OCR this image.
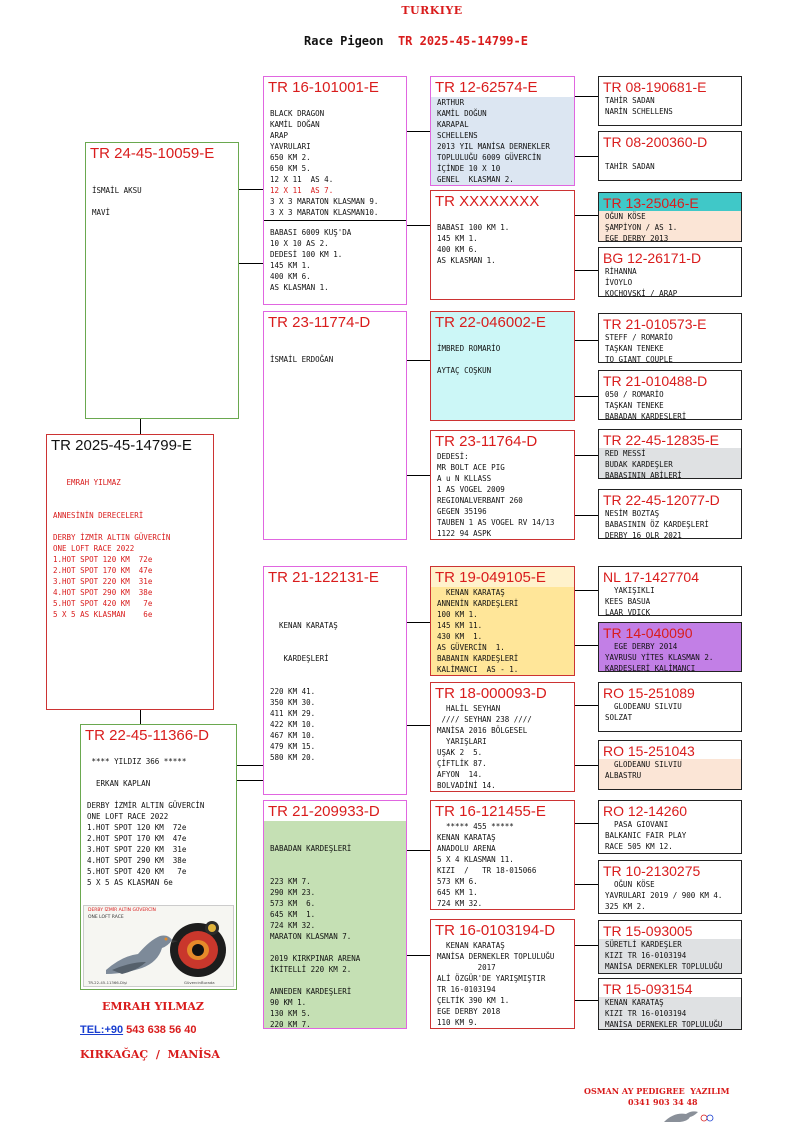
TURKIYE
Race Pigeon TR 2025-45-14799-E
TR 2025-45-14799-E

EMRAH YILMAZ

ANNESİNİN DERECELERİ

DERBY İZMİR ALTIN GÜVERCİN
ONE LOFT RACE 2022
1.HOT SPOT 120 KM  72e
2.HOT SPOT 170 KM  47e
3.HOT SPOT 220 KM  31e
4.HOT SPOT 290 KM  38e
5.HOT SPOT 420 KM   7e
5 X 5 AS KLASMAN    6e
TR 24-45-10059-E

İSMAİL AKSU

MAVİ
TR 22-45-11366-D

**** YILDIZ 366 *****

ERKAN KAPLAN

DERBY İZMİR ALTIN GÜVERCİN
ONE LOFT RACE 2022
1.HOT SPOT 120 KM  72e
2.HOT SPOT 170 KM  47e
3.HOT SPOT 220 KM  31e
4.HOT SPOT 290 KM  38e
5.HOT SPOT 420 KM   7e
5 X 5 AS KLASMAN 6e
DERBY İZMİR ALTIN GÜVERCİN
ONE LOFT RACE
TR-22-45-11366-Dişi	GüvercinBurada
TR 16-101001-E

BLACK DRAGON
KAMİL DOĞAN
ARAP
YAVRULARI
650 KM 2.
650 KM 5.
12 X 11  AS 4.
12 X 11  AS 7.
3 X 3 MARATON KLASMAN 9.
3 X 3 MARATON KLASMAN10.
BABASI 6009 KUŞ'DA
10 X 10 AS 2.
DEDESİ 100 KM 1.
145 KM 1.
400 KM 6.
AS KLASMAN 1.
TR 23-11774-D

İSMAİL ERDOĞAN
TR 21-122131-E

KENAN KARATAŞ

KARDEŞLERİ

220 KM 41.
350 KM 30.
411 KM 29.
422 KM 10.
467 KM 10.
479 KM 15.
580 KM 20.
TR 21-209933-D

BABADAN KARDEŞLERİ

223 KM 7.
290 KM 23.
573 KM  6.
645 KM  1.
724 KM 32.
MARATON KLASMAN 7.

2019 KIRKPINAR ARENA
İKİTELLİ 220 KM 2.

ANNEDEN KARDEŞLERİ
90 KM 1.
130 KM 5.
220 KM 7.
TR 12-62574-E
ARTHUR
KAMİL DOĞUN
KARAPAL
SCHELLENS
2013 YIL MANİSA DERNEKLER
TOPLULUĞU 6009 GÜVERCİN
İÇİNDE 10 X 10
GENEL  KLASMAN 2.
TR XXXXXXXX

BABASI 100 KM 1.
145 KM 1.
400 KM 6.
AS KLASMAN 1.
TR 22-046002-E

İMBRED ROMARİO

AYTAÇ COŞKUN
TR 23-11764-D
DEDESİ:
MR BOLT ACE PIG
A u N KLLASS
1 AS VOGEL 2009
REGIONALVERBANT 260
GEGEN 35196
TAUBEN 1 AS VOGEL RV 14/13
1122 94 ASPK
TR 19-049105-E
KENAN KARATAŞ
ANNENİN KARDEŞLERİ
100 KM 1.
145 KM 11.
430 KM  1.
AS GÜVERCİN  1.
BABANIN KARDEŞLERİ
KALİMANCI  AS - 1.
TR 18-000093-D
HALİL SEYHAN
//// SEYHAN 238 ////
MANİSA 2016 BÖLGESEL
YARIŞLARI
UŞAK 2  5.
ÇİFTLİK 87.
AFYON  14.
BOLVADİNİ 14.
TR 16-121455-E
***** 455 *****
KENAN KARATAŞ
ANADOLU ARENA
5 X 4 KLASMAN 11.
KIZI  /   TR 18-015066
573 KM 6.
645 KM 1.
724 KM 32.
TR 16-0103194-D
KENAN KARATAŞ
MANİSA DERNEKLER TOPLULUĞU
2017
ALİ ÖZGÜR'DE YARIŞMIŞTIR
TR 16-0103194
ÇELTİK 390 KM 1.
EGE DERBY 2018
110 KM 9.
TR 08-190681-E
TAHİR SADAN
NARİN SCHELLENS
TR 08-200360-D

TAHİR SADAN
TR 13-25046-E
OĞUN KÖSE
ŞAMPİYON / AS 1.
EGE DERBY 2013
BG 12-26171-D
RİHANNA
İVOYLO
KOCHOVSKİ / ARAP
TR 21-010573-E
STEFF / ROMARİO
TAŞKAN TENEKE
TO GIANT COUPLE
TR 21-010488-D
050 / ROMARİO
TAŞKAN TENEKE
BABADAN KARDEŞLERİ
TR 22-45-12835-E
RED MESSİ
BUDAK KARDEŞLER
BABASININ ABİLERİ
TR 22-45-12077-D
NESİM BOZTAŞ
BABASININ ÖZ KARDEŞLERİ
DERBY 16 OLR 2021
NL 17-1427704
YAKIŞIKLI
KEES BASUA
LAAR VDICK
TR 14-040090
EGE DERBY 2014
YAVRUSU YİTES KLASMAN 2.
KARDEŞLERİ KALİMANCI
RO 15-251089
GLODEANU SILVIU
SOLZAT
RO 15-251043
GLODEANU SILVIU
ALBASTRU
RO 12-14260
PASA GIOVANI
BALKANIC FAIR PLAY
RACE 505 KM 12.
TR 10-2130275
OĞUN KÖSE
YAVRULARI 2019 / 900 KM 4.
325 KM 2.
TR 15-093005
SÜRETLİ KARDEŞLER
KIZI TR 16-0103194
MANİSA DERNEKLER TOPLULUĞU
TR 15-093154
KENAN KARATAŞ
KIZI TR 16-0103194
MANİSA DERNEKLER TOPLULUĞU
EMRAH YILMAZ
TEL:+90 543 638 56 40
KIRKAĞAÇ  /  MANİSA
OSMAN AY PEDIGREE  YAZILIM
0341 903 34 48
